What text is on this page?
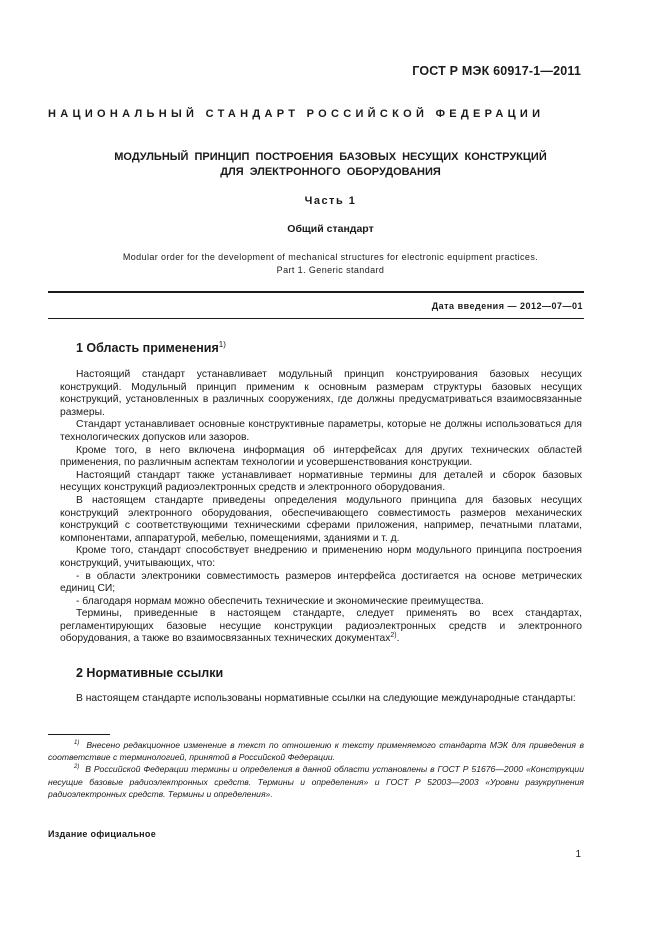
ГОСТ Р МЭК 60917-1—2011
НАЦИОНАЛЬНЫЙ СТАНДАРТ РОССИЙСКОЙ ФЕДЕРАЦИИ
МОДУЛЬНЫЙ ПРИНЦИП ПОСТРОЕНИЯ БАЗОВЫХ НЕСУЩИХ КОНСТРУКЦИЙ
ДЛЯ ЭЛЕКТРОННОГО ОБОРУДОВАНИЯ
Часть 1
Общий стандарт
Modular order for the development of mechanical structures for electronic equipment practices.
Part 1. Generic standard
Дата введения — 2012—07—01
1 Область применения$^{1)}$

Настоящий стандарт устанавливает модульный принцип конструирования базовых несущих конструкций. Модульный принцип применим к основным размерам структуры базовых несущих конструкций, установленных в различных сооружениях, где должны предусматриваться взаимосвязанные размеры.

Стандарт устанавливает основные конструктивные параметры, которые не должны использоваться для технологических допусков или зазоров.

Кроме того, в него включена информация об интерфейсах для других технических областей применения, по различным аспектам технологии и усовершенствования конструкции.

Настоящий стандарт также устанавливает нормативные термины для деталей и сборок базовых несущих конструкций радиоэлектронных средств и электронного оборудования.

В настоящем стандарте приведены определения модульного принципа для базовых несущих конструкций электронного оборудования, обеспечивающего совместимость размеров механических конструкций с соответствующими техническими сферами приложения, например, печатными платами, компонентами, аппаратурой, мебелью, помещениями, зданиями и т. д.

Кроме того, стандарт способствует внедрению и применению норм модульного принципа построения конструкций, учитывающих, что:

- в области электроники совместимость размеров интерфейса достигается на основе метрических единиц СИ;

- благодаря нормам можно обеспечить технические и экономические преимущества.

Термины, приведенные в настоящем стандарте, следует применять во всех стандартах, регламентирующих базовые несущие конструкции радиоэлектронных средств и электронного оборудования, а также во взаимосвязанных технических документах$^{2)}$.

2 Нормативные ссылки

В настоящем стандарте использованы нормативные ссылки на следующие международные стандарты:

$^{1)}$ Внесено редакционное изменение в текст по отношению к тексту применяемого стандарта МЭК для приведения в соответствие с терминологией, принятой в Российской Федерации.

$^{2)}$ В Российской Федерации термины и определения в данной области установлены в ГОСТ Р 51676—2000 «Конструкции несущие базовые радиоэлектронных средств. Термины и определения» и ГОСТ Р 52003—2003 «Уровни разукрупнения радиоэлектронных средств. Термины и определения».

Издание официальное
1
